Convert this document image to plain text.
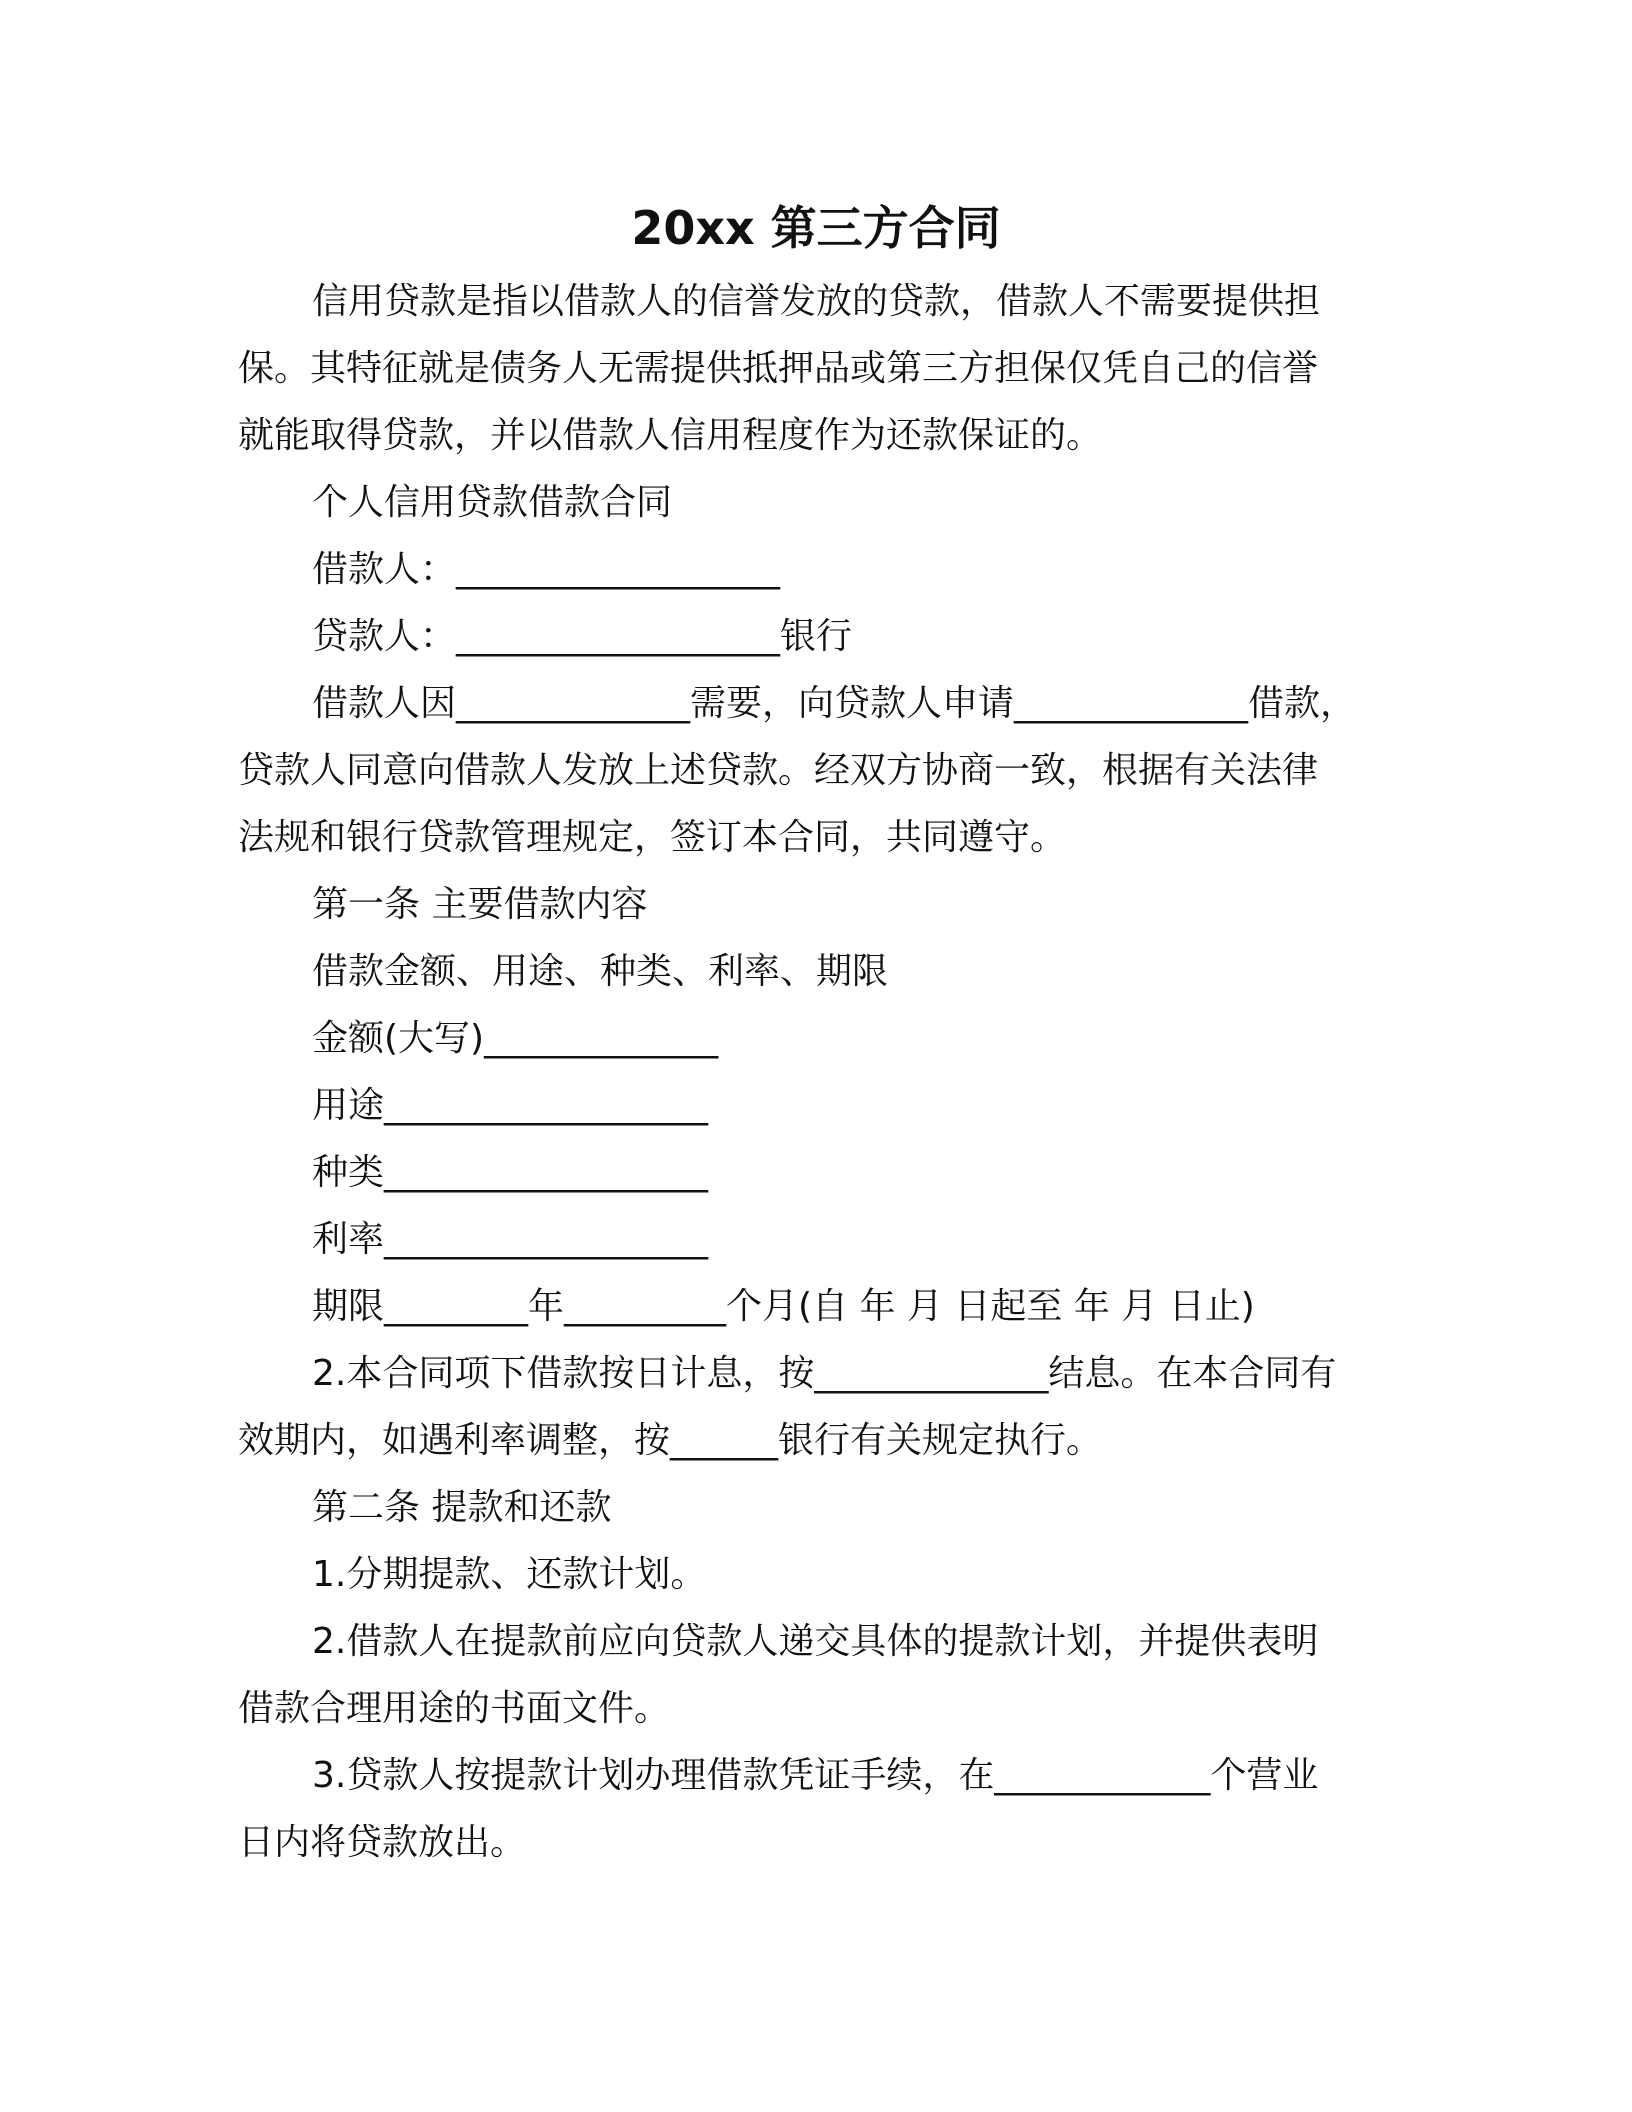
20xx 第三方合同
信用贷款是指以借款人的信誉发放的贷款，借款人不需要提供担
保。其特征就是债务人无需提供抵押品或第三方担保仅凭自己的信誉
就能取得贷款，并以借款人信用程度作为还款保证的。
个人信用贷款借款合同
借款人：__________________
贷款人：__________________银行
借款人因_____________需要，向贷款人申请_____________借款，
贷款人同意向借款人发放上述贷款。经双方协商一致，根据有关法律
法规和银行贷款管理规定，签订本合同，共同遵守。
第一条 主要借款内容
借款金额、用途、种类、利率、期限
金额(大写)_____________
用途__________________
种类__________________
利率__________________
期限________年_________个月(自 年 月 日起至 年 月 日止)
2.本合同项下借款按日计息，按_____________结息。在本合同有
效期内，如遇利率调整，按______银行有关规定执行。
第二条 提款和还款
1.分期提款、还款计划。
2.借款人在提款前应向贷款人递交具体的提款计划，并提供表明
借款合理用途的书面文件。
3.贷款人按提款计划办理借款凭证手续，在____________个营业
日内将贷款放出。
